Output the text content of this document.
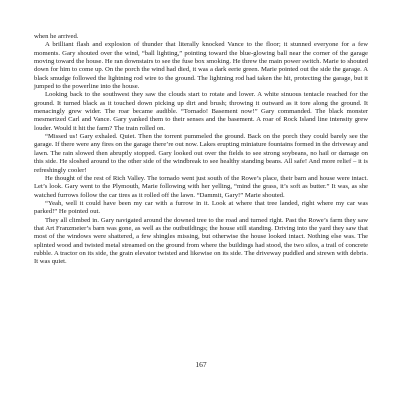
when he arrived.

A brilliant flash and explosion of thunder that literally knocked Vance to the floor; it stunned everyone for a few moments. Gary shouted over the wind, “ball lighting,” pointing toward the blue-glowing ball near the corner of the garage moving toward the house. He ran downstairs to see the fuse box smoking. He threw the main power switch. Marie to shouted down for him to come up. On the porch the wind had died, it was a dark eerie green. Marie pointed out the side the garage. A black smudge followed the lightning rod wire to the ground. The lightning rod had taken the hit, protecting the garage, but it jumped to the powerline into the house.

Looking back to the southwest they saw the clouds start to rotate and lower. A white sinuous tentacle reached for the ground. It turned black as it touched down picking up dirt and brush; throwing it outward as it tore along the ground. It menacingly grew wider. The roar became audible. “Tornado! Basement now!” Gary commanded. The black monster mesmerized Carl and Vance. Gary yanked them to their senses and the basement. A roar of Rock Island line intensity grew louder. Would it hit the farm? The train rolled on.

“Missed us! Gary exhaled. Quiet. Then the torrent pummeled the ground. Back on the porch they could barely see the garage. If there were any fires on the garage there’re out now. Lakes erupting miniature fountains formed in the driveway and lawn. The rain slowed then abruptly stopped. Gary looked out over the fields to see strong soybeans, no hail or damage on this side. He sloshed around to the other side of the windbreak to see healthy standing beans. All safe! And more relief – it is refreshingly cooler!

He thought of the rest of Rich Valley. The tornado went just south of the Rowe’s place, their barn and house were intact. Let’s look. Gary went to the Plymouth, Marie following with her yelling, “mind the grass, it’s soft as butter.” It was, as she watched furrows follow the car tires as it rolled off the lawn. “Dammit, Gary!” Marie shouted.

“Yeah, well it could have been my car with a furrow in it. Look at where that tree landed, right where my car was parked!” He pointed out.

They all climbed in. Gary navigated around the downed tree to the road and turned right. Past the Rowe’s farm they saw that Art Franzmeier’s barn was gone, as well as the outbuildings; the house still standing. Driving into the yard they saw that most of the windows were shattered, a few shingles missing, but otherwise the house looked intact. Nothing else was. The splinted wood and twisted metal streamed on the ground from where the buildings had stood, the two silos, a trail of concrete rubble. A tractor on its side, the grain elevator twisted and likewise on its side. The driveway puddled and strewn with debris. It was quiet.

167
